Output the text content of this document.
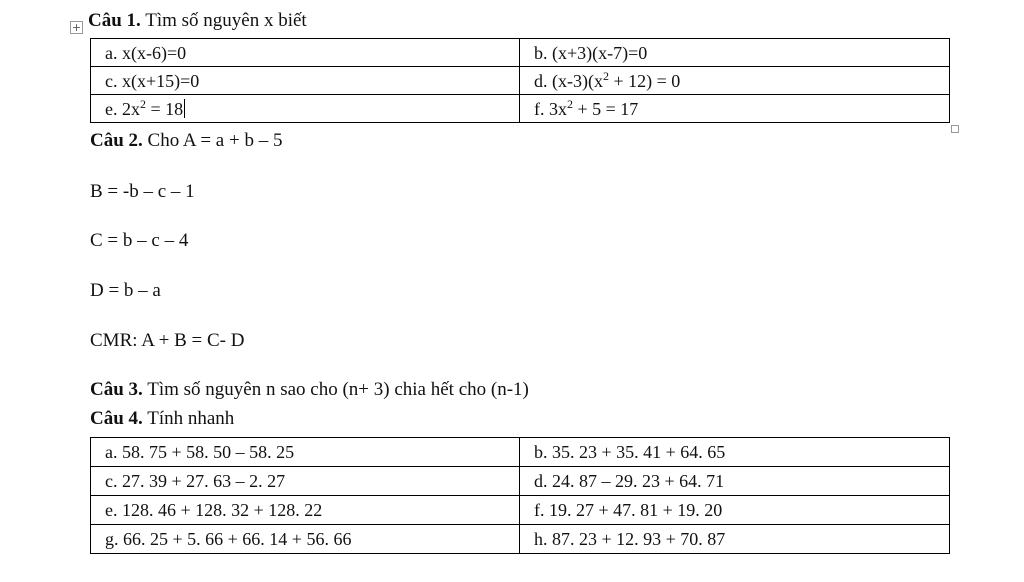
+ Câu 1. Tìm số nguyên x biết
a. x(x-6)=0	b. (x+3)(x-7)=0
c. x(x+15)=0	d. $(x-3)(x^2 + 12) = 0$
e. $2x^2 = 18$	f. $3x^2 + 5 = 17$
Câu 2. Cho A = a + b – 5
B = -b – c – 1
C = b – c – 4
D = b – a
CMR: A + B = C- D
Câu 3. Tìm số nguyên n sao cho (n+ 3) chia hết cho (n-1)
Câu 4. Tính nhanh
a. 58. 75 + 58. 50 – 58. 25	b. 35. 23 + 35. 41 + 64. 65
c. 27. 39 + 27. 63 – 2. 27	d. 24. 87 – 29. 23 + 64. 71
e. 128. 46 + 128. 32 + 128. 22	f. 19. 27 + 47. 81 + 19. 20
g. 66. 25 + 5. 66 + 66. 14 + 56. 66	h. 87. 23 + 12. 93 + 70. 87
